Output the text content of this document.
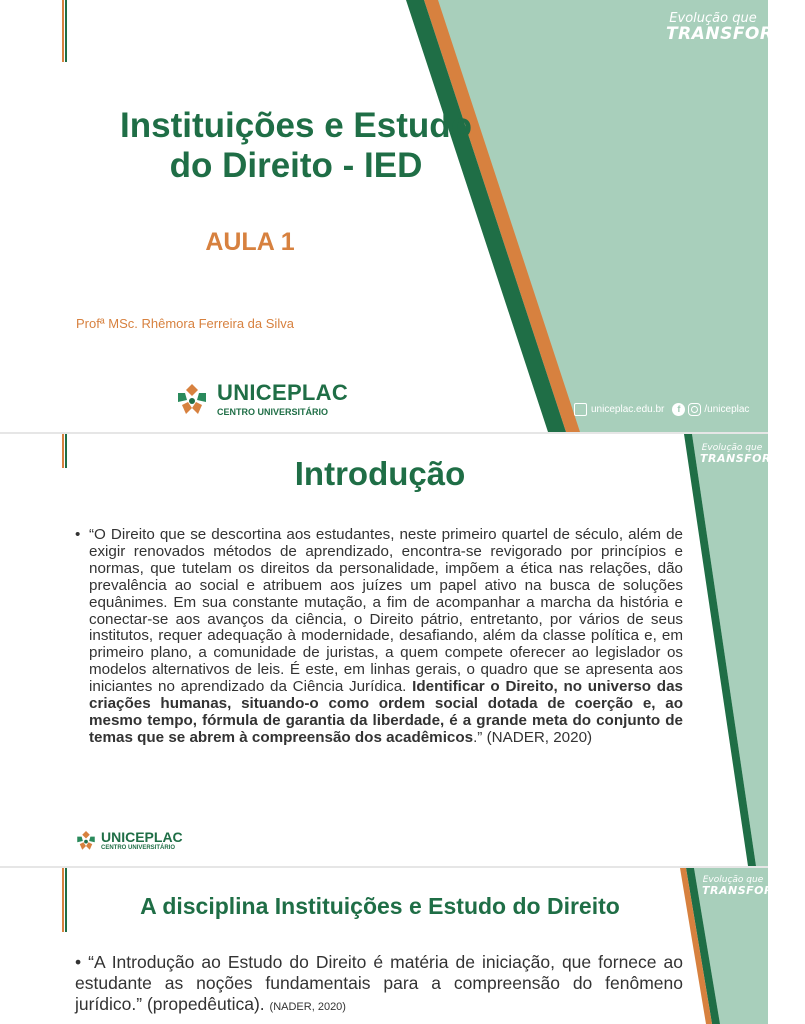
Evolução que
TRANSFORMA
Instituições e Estudo
do Direito - IED
AULA 1
Profª MSc. Rhêmora Ferreira da Silva
UNICEPLAC
CENTRO UNIVERSITÁRIO	uniceplac.edu.br	f	/uniceplac
Evolução que
TRANSFORMA
Introdução
• “O Direito que se descortina aos estudantes, neste primeiro quartel de século, além de exigir renovados métodos de aprendizado, encontra-se revigorado por princípios e normas, que tutelam os direitos da personalidade, impõem a ética nas relações, dão prevalência ao social e atribuem aos juízes um papel ativo na busca de soluções equânimes. Em sua constante mutação, a fim de acompanhar a marcha da história e conectar-se aos avanços da ciência, o Direito pátrio, entretanto, por vários de seus institutos, requer adequação à modernidade, desafiando, além da classe política e, em primeiro plano, a comunidade de juristas, a quem compete oferecer ao legislador os modelos alternativos de leis. É este, em linhas gerais, o quadro que se apresenta aos iniciantes no aprendizado da Ciência Jurídica. Identificar o Direito, no universo das criações humanas, situando-o como ordem social dotada de coerção e, ao mesmo tempo, fórmula de garantia da liberdade, é a grande meta do conjunto de temas que se abrem à compreensão dos acadêmicos.” (NADER, 2020)
UNICEPLAC
CENTRO UNIVERSITÁRIO
Evolução que
TRANSFORMA
A disciplina Instituições e Estudo do Direito
• “A Introdução ao Estudo do Direito é matéria de iniciação, que fornece ao estudante as noções fundamentais para a compreensão do fenômeno jurídico.” (propedêutica). (NADER, 2020)
